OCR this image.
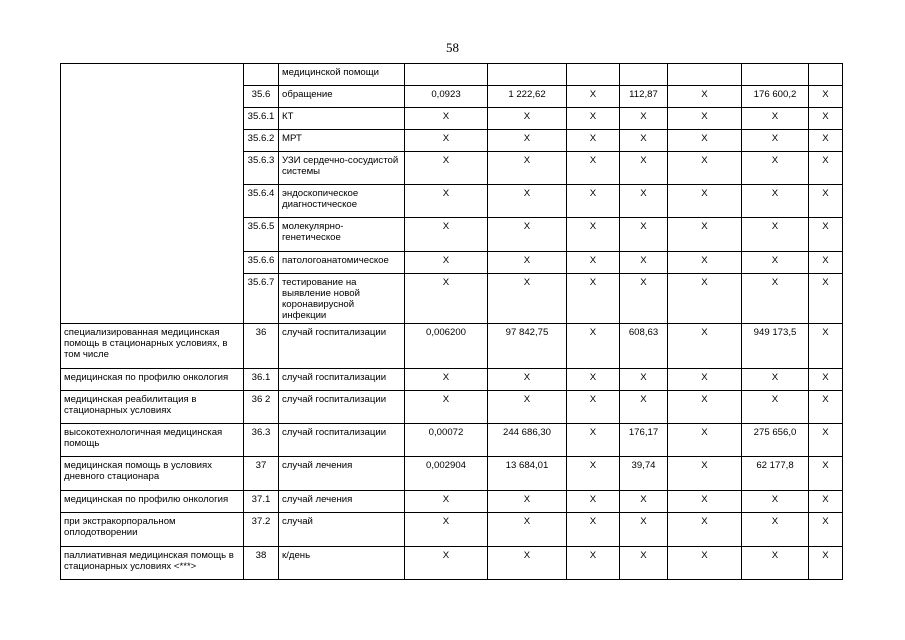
58
		медицинской помощи							
	35.6	обращение	0,0923	1 222,62	X	112,87	X	176 600,2	X
	35.6.1	КТ	X	X	X	X	X	X	X
	35.6.2	МРТ	X	X	X	X	X	X	X
	35.6.3	УЗИ сердечно-сосудистой системы	X	X	X	X	X	X	X
	35.6.4	эндоскопическое диагностическое	X	X	X	X	X	X	X
	35.6.5	молекулярно-генетическое	X	X	X	X	X	X	X
	35.6.6	патологоанатомическое	X	X	X	X	X	X	X
	35.6.7	тестирование на выявление новой коронавирусной инфекции	X	X	X	X	X	X	X
специализированная медицинская помощь в стационарных условиях, в том числе	36	случай госпитализации	0,006200	97 842,75	X	608,63	X	949 173,5	X
медицинская по профилю онкология	36.1	случай госпитализации	X	X	X	X	X	X	X
медицинская реабилитация в стационарных условиях	36 2	случай госпитализации	X	X	X	X	X	X	X
высокотехнологичная медицинская помощь	36.3	случай госпитализации	0,00072	244 686,30	X	176,17	X	275 656,0	X
медицинская помощь в условиях дневного стационара	37	случай лечения	0,002904	13 684,01	X	39,74	X	62 177,8	X
медицинская по профилю онкология	37.1	случай лечения	X	X	X	X	X	X	X
при экстракорпоральном оплодотворении	37.2	случай	X	X	X	X	X	X	X
паллиативная медицинская помощь в стационарных условиях <***>	38	к/день	X	X	X	X	X	X	X
